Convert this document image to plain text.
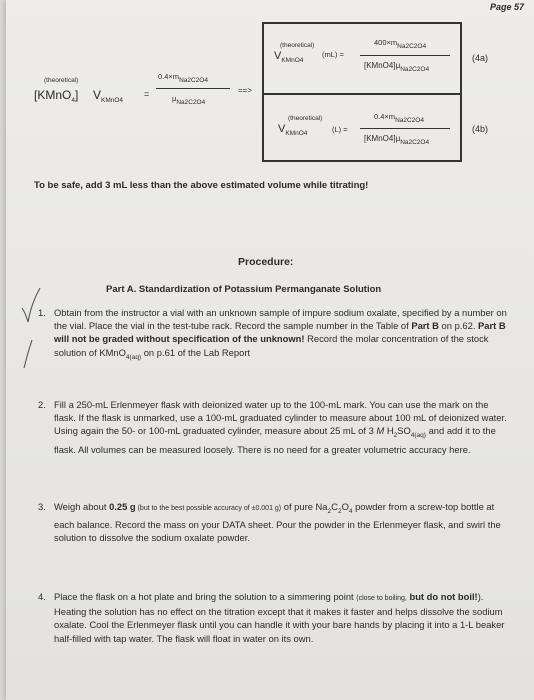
Page 57
(theoretical)
[KMnO$_4$] $V_{KMnO4}$
=
0.4×mNa2C2O4
μNa2C2O4
==>
(theoretical)
$V_{KMnO4}$
(mL) =
400×mNa2C2O4
$[KMnO4]\mu_{Na2C2O4}$
(theoretical)
$V_{KMnO4}$	(L) =
0.4×mNa2C2O4
$[KMnO4]\mu_{Na2C2O4}$
(4a)
(4b)
To be safe, add 3 mL less than the above estimated volume while titrating!
Procedure:
Part A. Standardization of Potassium Permanganate Solution
1. Obtain from the instructor a vial with an unknown sample of impure sodium oxalate, specified by a number on the vial. Place the vial in the test-tube rack. Record the sample number in the Table of Part B on p.62. Part B will not be graded without specification of the unknown! Record the molar concentration of the stock solution of KMnO$_{4(aq)}$ on p.61 of the Lab Report
2. Fill a 250-mL Erlenmeyer flask with deionized water up to the 100-mL mark. You can use the mark on the flask. If the flask is unmarked, use a 100-mL graduated cylinder to measure about 100 mL of deionized water. Using again the 50- or 100-mL graduated cylinder, measure about 25 mL of 3 M $H_2SO_{4(aq)}$ and add it to the flask. All volumes can be measured loosely. There is no need for a greater volumetric accuracy here.
3. Weigh about 0.25 g (but to the best possible accuracy of ±0.001 g) of pure $Na_2C_2O_4$ powder from a screw-top bottle at each balance. Record the mass on your DATA sheet. Pour the powder in the Erlenmeyer flask, and swirl the solution to dissolve the sodium oxalate powder.
4. Place the flask on a hot plate and bring the solution to a simmering point (close to boiling, but do not boil!). Heating the solution has no effect on the titration except that it makes it faster and helps dissolve the sodium oxalate. Cool the Erlenmeyer flask until you can handle it with your bare hands by placing it into a 1-L beaker half-filled with tap water. The flask will float in water on its own.
